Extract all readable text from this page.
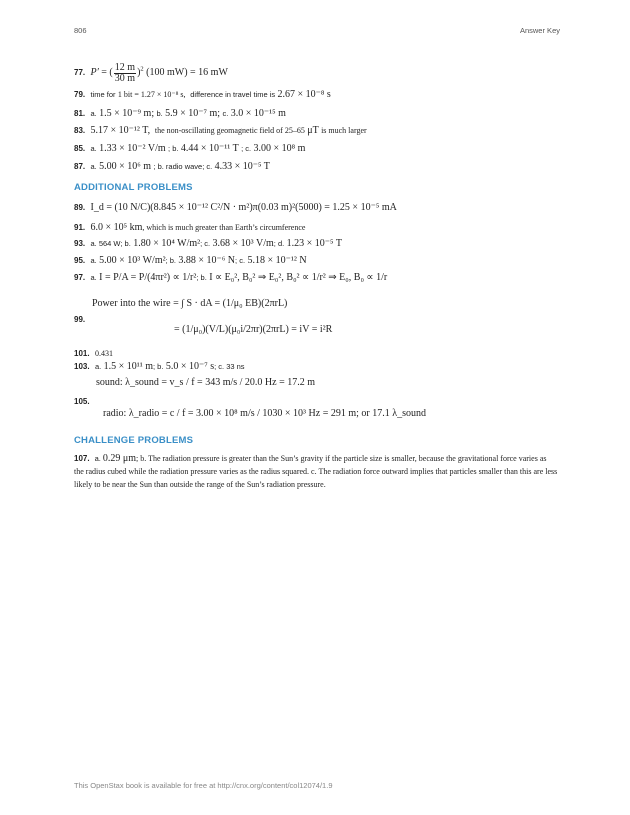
806	Answer Key
77. P′ = ( $\frac{12 m}{30 m} )^2$ (100 mW) = 16 mW
79. time for 1 bit = 1.27 × 10⁻⁸ s, difference in travel time is 2.67 × 10⁻⁸ s
81. a. 1.5 × 10⁻⁹ m; b. 5.9 × 10⁻⁷ m; c. 3.0 × 10⁻¹⁵ m
83. 5.17 × 10⁻¹² T, the non-oscillating geomagnetic field of 25–65 μT is much larger
85. a. 1.33 × 10⁻² V/m ; b. 4.44 × 10⁻¹¹ T ; c. 3.00 × 10⁸ m
87. a. 5.00 × 10⁶ m ; b. radio wave; c. 4.33 × 10⁻⁵ T
ADDITIONAL PROBLEMS
89. I_d = (10 N/C)(8.845 × 10⁻¹² C²/N · m²)π(0.03 m)²(5000) = 1.25 × 10⁻⁵ mA
91. 6.0 × 10⁵ km, which is much greater than Earth’s circumference
93. a. 564 W; b. 1.80 × 10⁴ W/m²; c. 3.68 × 10³ V/m; d. 1.23 × 10⁻⁵ T
95. a. 5.00 × 10³ W/m²; b. 3.88 × 10⁻⁶ N; c. 5.18 × 10⁻¹² N
97. a. I = P/A = P/(4πr²) ∝ 1/r²; b. I ∝ E₀², B₀² ⇒ E₀², B₀² ∝ 1/r² ⇒ E₀, B₀ ∝ 1/r
99.
Power into the wire = ∫ S · dA = (1/μ₀ EB)(2πrL)
= (1/μ₀)(V/L)(μ₀i/2πr)(2πrL) = iV = i²R
101. 0.431
103. a. 1.5 × 10¹¹ m; b. 5.0 × 10⁻⁷ s; c. 33 ns
105.
sound: λ_sound = v_s / f = 343 m/s / 20.0 Hz = 17.2 m
radio: λ_radio = c / f = 3.00 × 10⁸ m/s / 1030 × 10³ Hz = 291 m; or 17.1 λ_sound
CHALLENGE PROBLEMS
107. a. 0.29 μm; b. The radiation pressure is greater than the Sun’s gravity if the particle size is smaller, because the gravitational force varies as the radius cubed while the radiation pressure varies as the radius squared. c. The radiation force outward implies that particles smaller than this are less likely to be near the Sun than outside the range of the Sun’s radiation pressure.
This OpenStax book is available for free at http://cnx.org/content/col12074/1.9
